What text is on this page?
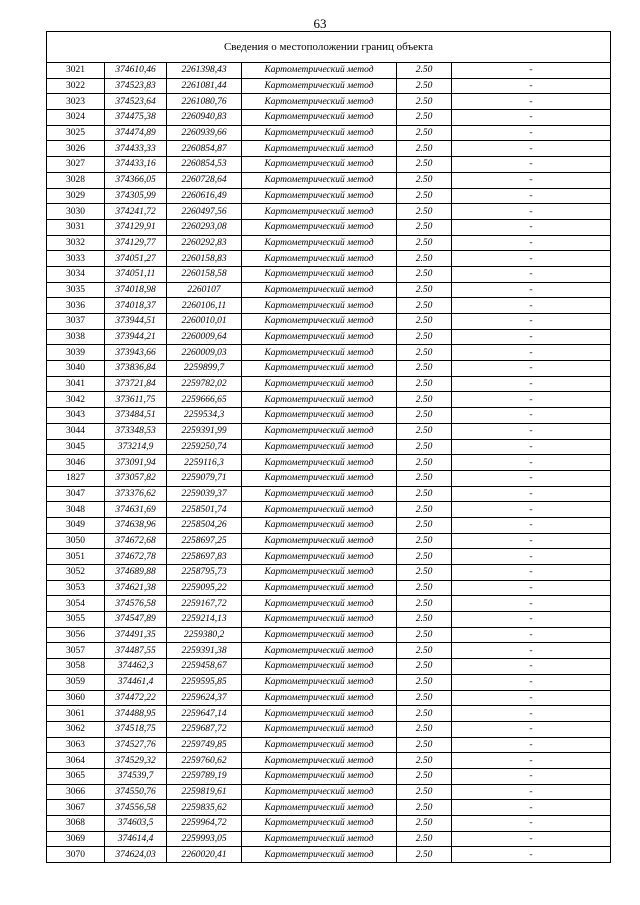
63
Сведения о местоположении границ объекта					
3021	374610,46	2261398,43	Картометрический метод	2.50	-
3022	374523,83	2261081,44	Картометрический метод	2.50	-
3023	374523,64	2261080,76	Картометрический метод	2.50	-
3024	374475,38	2260940,83	Картометрический метод	2.50	-
3025	374474,89	2260939,66	Картометрический метод	2.50	-
3026	374433,33	2260854,87	Картометрический метод	2.50	-
3027	374433,16	2260854,53	Картометрический метод	2.50	-
3028	374366,05	2260728,64	Картометрический метод	2.50	-
3029	374305,99	2260616,49	Картометрический метод	2.50	-
3030	374241,72	2260497,56	Картометрический метод	2.50	-
3031	374129,91	2260293,08	Картометрический метод	2.50	-
3032	374129,77	2260292,83	Картометрический метод	2.50	-
3033	374051,27	2260158,83	Картометрический метод	2.50	-
3034	374051,11	2260158,58	Картометрический метод	2.50	-
3035	374018,98	2260107	Картометрический метод	2.50	-
3036	374018,37	2260106,11	Картометрический метод	2.50	-
3037	373944,51	2260010,01	Картометрический метод	2.50	-
3038	373944,21	2260009,64	Картометрический метод	2.50	-
3039	373943,66	2260009,03	Картометрический метод	2.50	-
3040	373836,84	2259899,7	Картометрический метод	2.50	-
3041	373721,84	2259782,02	Картометрический метод	2.50	-
3042	373611,75	2259666,65	Картометрический метод	2.50	-
3043	373484,51	2259534,3	Картометрический метод	2.50	-
3044	373348,53	2259391,99	Картометрический метод	2.50	-
3045	373214,9	2259250,74	Картометрический метод	2.50	-
3046	373091,94	2259116,3	Картометрический метод	2.50	-
1827	373057,82	2259079,71	Картометрический метод	2.50	-
3047	373376,62	2259039,37	Картометрический метод	2.50	-
3048	374631,69	2258501,74	Картометрический метод	2.50	-
3049	374638,96	2258504,26	Картометрический метод	2.50	-
3050	374672,68	2258697,25	Картометрический метод	2.50	-
3051	374672,78	2258697,83	Картометрический метод	2.50	-
3052	374689,88	2258795,73	Картометрический метод	2.50	-
3053	374621,38	2259095,22	Картометрический метод	2.50	-
3054	374576,58	2259167,72	Картометрический метод	2.50	-
3055	374547,89	2259214,13	Картометрический метод	2.50	-
3056	374491,35	2259380,2	Картометрический метод	2.50	-
3057	374487,55	2259391,38	Картометрический метод	2.50	-
3058	374462,3	2259458,67	Картометрический метод	2.50	-
3059	374461,4	2259595,85	Картометрический метод	2.50	-
3060	374472,22	2259624,37	Картометрический метод	2.50	-
3061	374488,95	2259647,14	Картометрический метод	2.50	-
3062	374518,75	2259687,72	Картометрический метод	2.50	-
3063	374527,76	2259749,85	Картометрический метод	2.50	-
3064	374529,32	2259760,62	Картометрический метод	2.50	-
3065	374539,7	2259789,19	Картометрический метод	2.50	-
3066	374550,76	2259819,61	Картометрический метод	2.50	-
3067	374556,58	2259835,62	Картометрический метод	2.50	-
3068	374603,5	2259964,72	Картометрический метод	2.50	-
3069	374614,4	2259993,05	Картометрический метод	2.50	-
3070	374624,03	2260020,41	Картометрический метод	2.50	-
